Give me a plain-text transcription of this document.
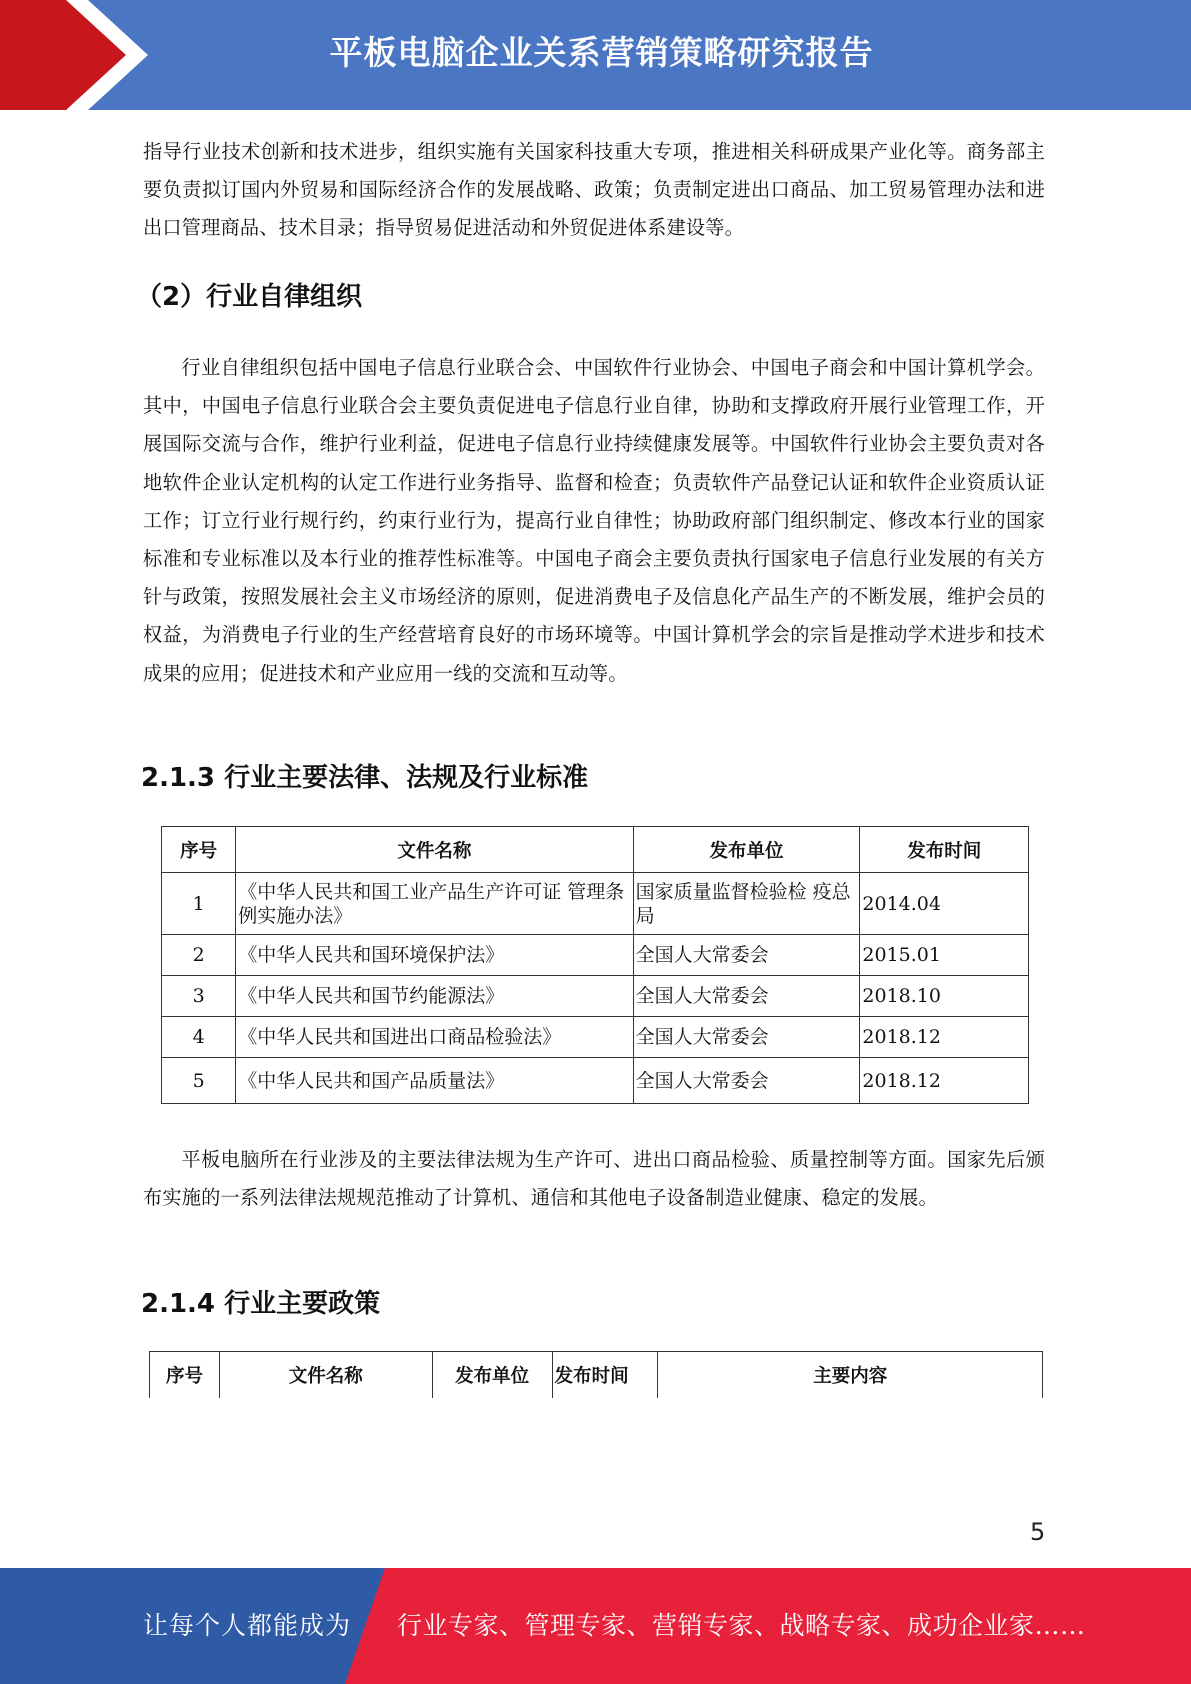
平板电脑企业关系营销策略研究报告

指导行业技术创新和技术进步，组织实施有关国家科技重大专项，推进相关科研成果产业化等。商务部主要负责拟订国内外贸易和国际经济合作的发展战略、政策；负责制定进出口商品、加工贸易管理办法和进出口管理商品、技术目录；指导贸易促进活动和外贸促进体系建设等。

（2）行业自律组织

行业自律组织包括中国电子信息行业联合会、中国软件行业协会、中国电子商会和中国计算机学会。其中，中国电子信息行业联合会主要负责促进电子信息行业自律，协助和支撑政府开展行业管理工作，开展国际交流与合作，维护行业利益，促进电子信息行业持续健康发展等。中国软件行业协会主要负责对各地软件企业认定机构的认定工作进行业务指导、监督和检查；负责软件产品登记认证和软件企业资质认证工作；订立行业行规行约，约束行业行为，提高行业自律性；协助政府部门组织制定、修改本行业的国家标准和专业标准以及本行业的推荐性标准等。中国电子商会主要负责执行国家电子信息行业发展的有关方针与政策，按照发展社会主义市场经济的原则，促进消费电子及信息化产品生产的不断发展，维护会员的权益，为消费电子行业的生产经营培育良好的市场环境等。中国计算机学会的宗旨是推动学术进步和技术成果的应用；促进技术和产业应用一线的交流和互动等。

2.1.3 行业主要法律、法规及行业标准
序号	文件名称	发布单位	发布时间
1	《中华人民共和国工业产品生产许可证 管理条例实施办法》	国家质量监督检验检 疫总局	2014.04
2	《中华人民共和国环境保护法》	全国人大常委会	2015.01
3	《中华人民共和国节约能源法》	全国人大常委会	2018.10
4	《中华人民共和国进出口商品检验法》	全国人大常委会	2018.12
5	《中华人民共和国产品质量法》	全国人大常委会	2018.12

平板电脑所在行业涉及的主要法律法规为生产许可、进出口商品检验、质量控制等方面。国家先后颁布实施的一系列法律法规规范推动了计算机、通信和其他电子设备制造业健康、稳定的发展。

2.1.4 行业主要政策
序号	文件名称	发布单位	发布时间	主要内容
5
让每个人都能成为 行业专家、管理专家、营销专家、战略专家、成功企业家……
